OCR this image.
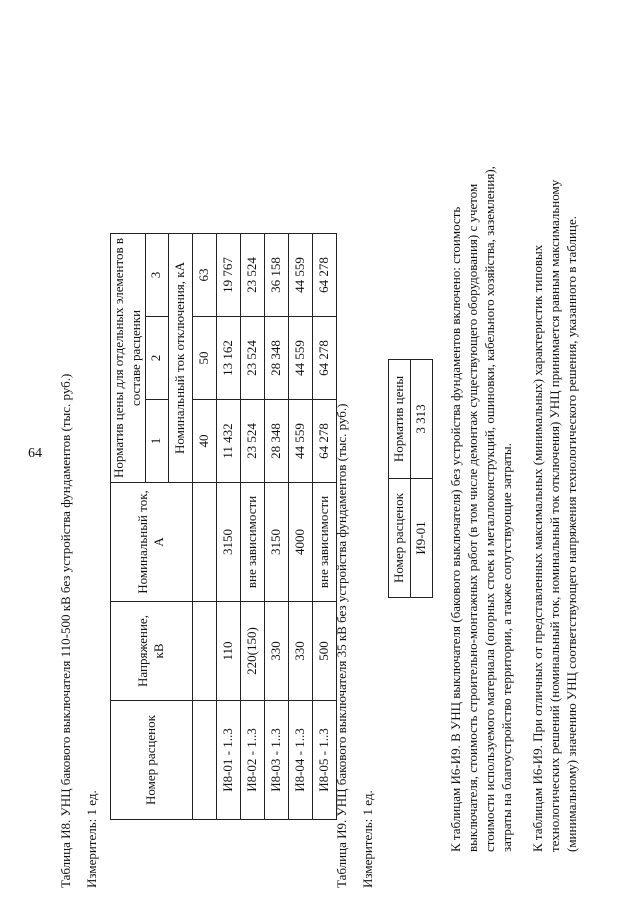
64 Таблица И8. УНЦ бакового выключателя 110-500 кВ без устройства фундаментов (тыс. руб.) Измеритель: 1 ед.
Номер расценок	Напряжение, кВ	Номинальный ток, А	Норматив цены для отдельных элементов в составе расценки		

			1	2	3
			Номинальный ток отключения, кА		
			40	50	63
И8-01 - 1..3	110	3150	11 432	13 162	19 767
И8-02 - 1..3	220(150)	вне зависимости	23 524	23 524	23 524
И8-03 - 1..3	330	3150	28 348	28 348	36 158
И8-04 - 1..3	330	4000	44 559	44 559	44 559
И8-05 - 1..3	500	вне зависимости	64 278	64 278	64 278
Таблица И9. УНЦ бакового выключателя 35 кВ без устройства фундаментов (тыс. руб.) Измеритель: 1 ед.
Номер расценок	Норматив цены
И9-01	3 313 К таблицам И6-И9. В УНЦ выключателя (бакового выключателя) без устройства фундаментов включено: стоимость выключателя, стоимость строительно-монтажных работ (в том числе демонтаж существующего оборудования) с учетом стоимости используемого материала (опорных стоек и металлоконструкций, ошиновки, кабельного хозяйства, заземления), затраты на благоустройство территории, а также сопутствующие затраты. К таблицам И6-И9. При отличных от представленных максимальных (минимальных) характеристик типовых технологических решений (номинальный ток, номинальный ток отключения) УНЦ принимается равным максимальному (минимальному) значению УНЦ соответствующего напряжения технологического решения, указанного в таблице.
